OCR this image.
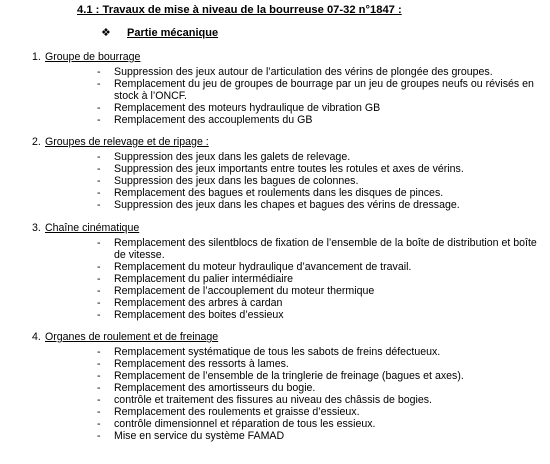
4.1 : Travaux de mise à niveau de la bourreuse 07-32 n°1847 :
❖ Partie mécanique
1. Groupe de bourrage
- Suppression des jeux autour de l’articulation des vérins de plongée des groupes.
- Remplacement du jeu de groupes de bourrage par un jeu de groupes neufs ou révisés en stock à l’ONCF.
- Remplacement des moteurs hydraulique de vibration GB
- Remplacement des accouplements du GB
2. Groupes de relevage et de ripage :
- Suppression des jeux dans les galets de relevage.
- Suppression des jeux importants entre toutes les rotules et axes de vérins.
- Suppression des jeux dans les bagues de colonnes.
- Remplacement des bagues et roulements dans les disques de pinces.
- Suppression des jeux dans les chapes et bagues des vérins de dressage.
3. Chaîne cinématique
- Remplacement des silentblocs de fixation de l’ensemble de la boîte de distribution et boîte de vitesse.
- Remplacement du moteur hydraulique d’avancement de travail.
- Remplacement du palier intermédiaire
- Remplacement de l’accouplement du moteur thermique
- Remplacement des arbres à cardan
- Remplacement des boites d’essieux
4. Organes de roulement et de freinage
- Remplacement systématique de tous les sabots de freins défectueux.
- Remplacement des ressorts à lames.
- Remplacement de l’ensemble de la tringlerie de freinage (bagues et axes).
- Remplacement des amortisseurs du bogie.
- contrôle et traitement des fissures au niveau des châssis de bogies.
- Remplacement des roulements et graisse d’essieux.
- contrôle dimensionnel et réparation de tous les essieux.
- Mise en service du système FAMAD
